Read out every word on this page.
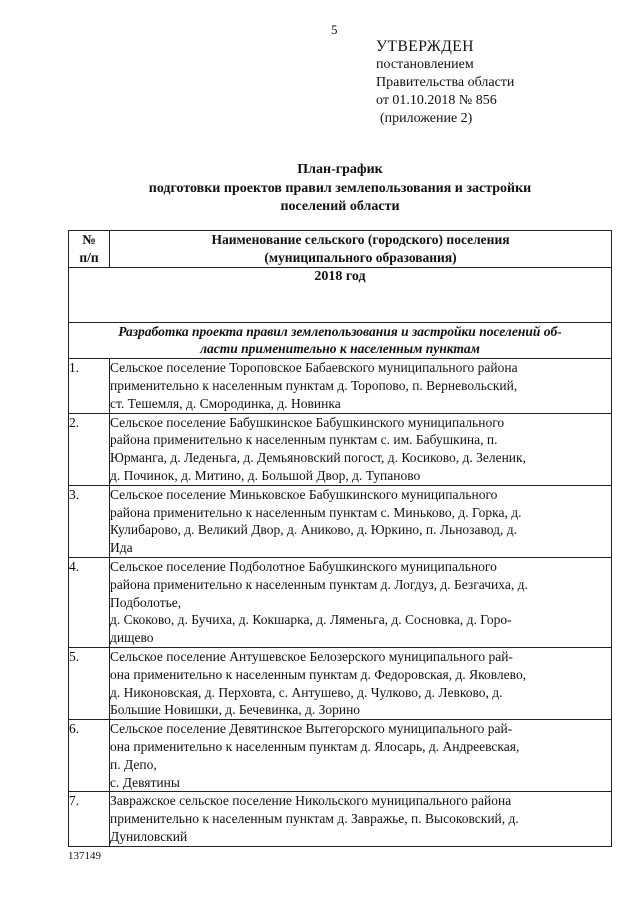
5
УТВЕРЖДЕН
постановлением
Правительства области
от 01.10.2018 № 856
(приложение 2)
План-график
подготовки проектов правил землепользования и застройки
поселений области
№
п/п	Наименование сельского (городского) поселения
(муниципального образования)

2018 год	

Разработка проекта правил землепользования и застройки поселений об-
ласти применительно к населенным пунктам	

1.	Сельское поселение Тороповское Бабаевского муниципального района
применительно к населенным пунктам д. Торопово, п. Верневольский,
ст. Тешемля, д. Смородинка, д. Новинка

2.	Сельское поселение Бабушкинское Бабушкинского муниципального
района применительно к населенным пунктам с. им. Бабушкина, п.
Юрманга, д. Леденьга, д. Демьяновский погост, д. Косиково, д. Зеленик,
д. Починок, д. Митино, д. Большой Двор, д. Тупаново

3.	Сельское поселение Миньковское Бабушкинского муниципального
района применительно к населенным пунктам с. Миньково, д. Горка, д.
Кулибарово, д. Великий Двор, д. Аниково, д. Юркино, п. Льнозавод, д.
Ида

4.	Сельское поселение Подболотное Бабушкинского муниципального
района применительно к населенным пунктам д. Логдуз, д. Безгачиха, д.
Подболотье,
д. Скоково, д. Бучиха, д. Кокшарка, д. Ляменьга, д. Сосновка, д. Горо-
дищево

5.	Сельское поселение Антушевское Белозерского муниципального рай-
она применительно к населенным пунктам д. Федоровская, д. Яковлево,
д. Никоновская, д. Перховта, с. Антушево, д. Чулково, д. Левково, д.
Большие Новишки, д. Бечевинка, д. Зорино

6.	Сельское поселение Девятинское Вытегорского муниципального рай-
она применительно к населенным пунктам д. Ялосарь, д. Андреевская,
п. Депо,
с. Девятины

7.	Завражское сельское поселение Никольского муниципального района
применительно к населенным пунктам д. Завражье, п. Высоковский, д.
Дуниловский
137149
